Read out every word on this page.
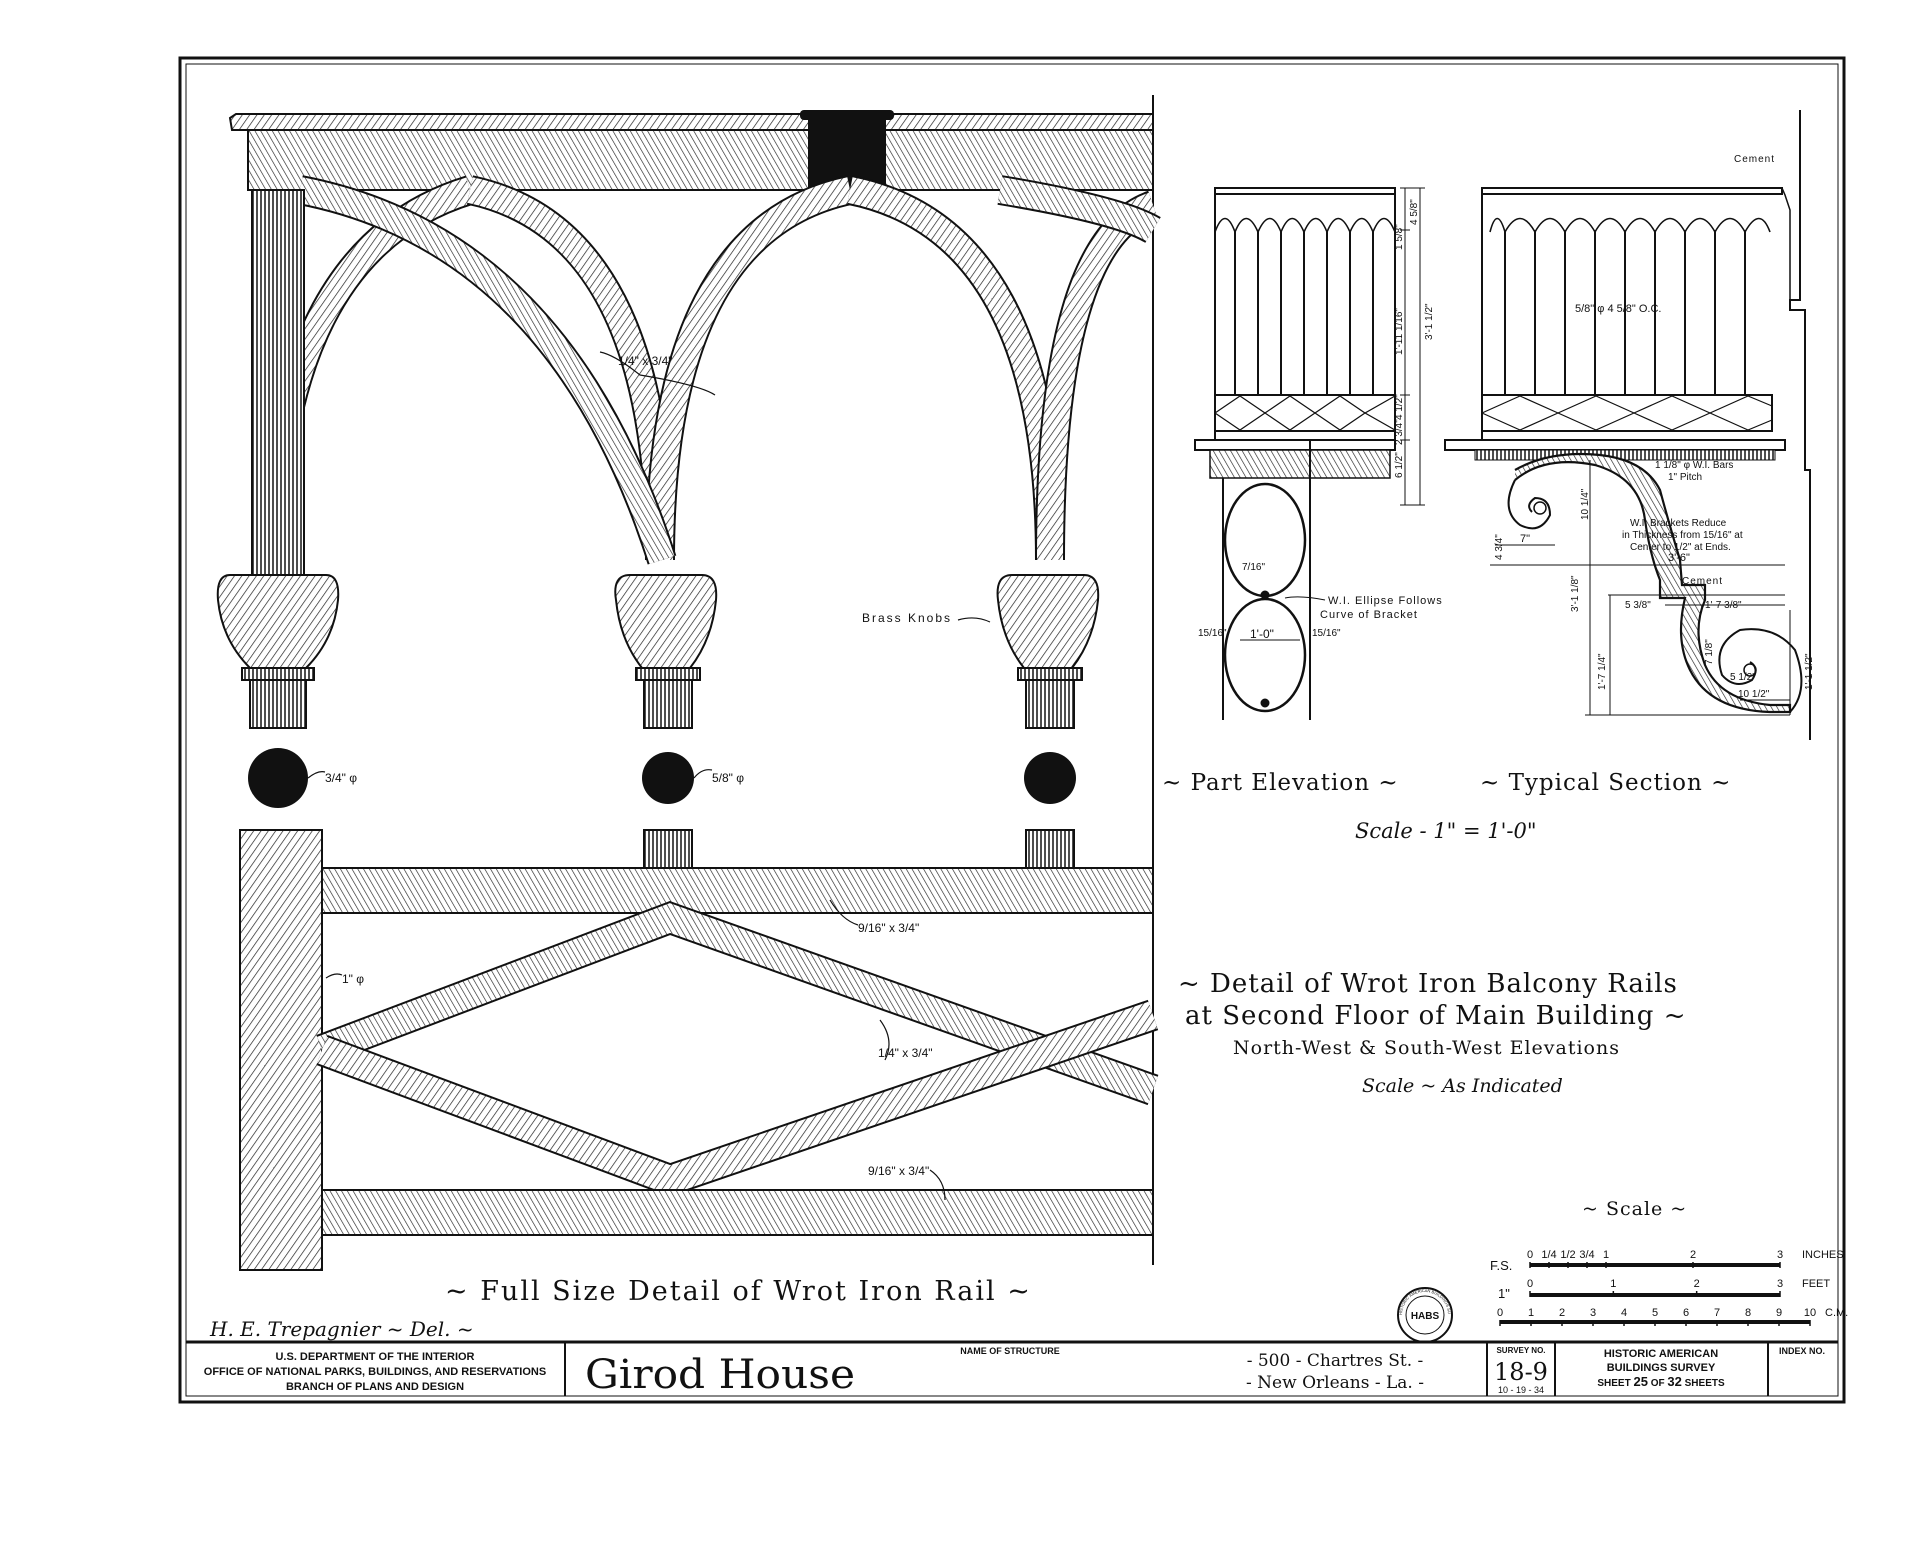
1/4" x 3/4"
Brass Knobs
3/4" φ	5/8" φ
1" φ
9/16" x 3/4"
1/4" x 3/4"
9/16" x 3/4"
~ Full Size Detail of Wrot Iron Rail ~
1'-0"
15/16"	15/16"
7/16"
W.I. Ellipse Follows
Curve of Bracket
4 5/8"
1 5/8"
1'-11 1/16" 3'-1 1/2"
4 1/2"
2 3/4"
6 1/2"
Cement
5/8" φ 4 5/8" O.C.
1 1/8" φ W.I. Bars
1" Pitch
W.I. Brackets Reduce
in Thickness from 15/16" at
Center to 1/2" at Ends.
10 1/4"
4 3/4" 7"
3'-6"
Cement
3'-1 1/8"	5 3/8"	1'-7 3/8"
1'-7 1/4"
7 1/8"
5 1/2"
10 1/2"
1'-1 1/2"
~ Part Elevation ~	~ Typical Section ~
Scale - 1" = 1'-0"
~ Detail of Wrot Iron Balcony Rails
at Second Floor of Main Building ~
North-West & South-West Elevations
Scale ~ As Indicated
~ Scale ~
F.S.
1"
0 1/4 1/2 3/4 1	2	3
0	1	2	3
0 1 2 3 4 5 6 7 8 9 10
INCHES
FEET
C.M.
HABS
HISTORIC AMERICAN BUILDINGS SU
H. E. Trepagnier ~ Del. ~
U.S. DEPARTMENT OF THE INTERIOR
OFFICE OF NATIONAL PARKS, BUILDINGS, AND RESERVATIONS
BRANCH OF PLANS AND DESIGN
NAME OF STRUCTURE
Girod House	- 500 - Chartres St. -
- New Orleans - La. -
SURVEY NO.
18-9
10 - 19 - 34
HISTORIC AMERICAN
BUILDINGS SURVEY
SHEET 25 OF 32 SHEETS
INDEX NO.
